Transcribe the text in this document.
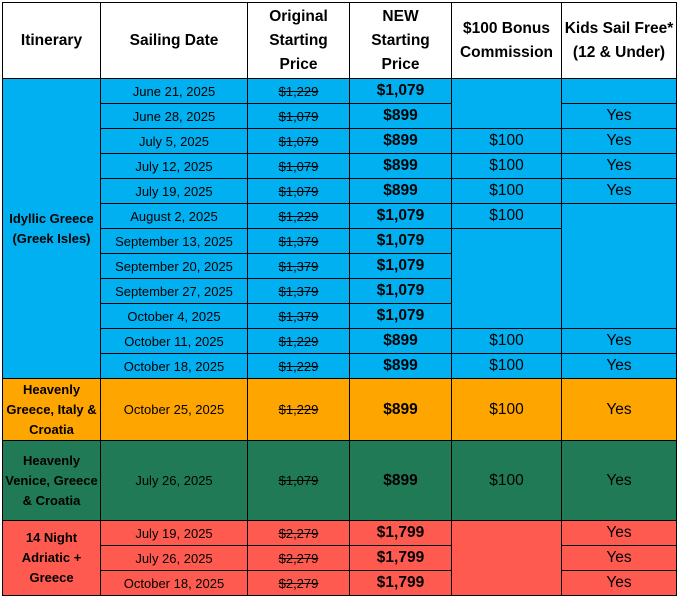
Itinerary	Sailing Date	Original Starting Price	NEW Starting Price	$100 Bonus Commission	Kids Sail Free* (12 & Under)
Idyllic Greece (Greek Isles)	June 21, 2025	$1,229	$1,079		
	June 28, 2025	$1,079	$899		Yes
	July 5, 2025	$1,079	$899	$100	Yes
	July 12, 2025	$1,079	$899	$100	Yes
	July 19, 2025	$1,079	$899	$100	Yes
	August 2, 2025	$1,229	$1,079	$100	
	September 13, 2025	$1,379	$1,079		
	September 20, 2025	$1,379	$1,079		
	September 27, 2025	$1,379	$1,079		
	October 4, 2025	$1,379	$1,079		
	October 11, 2025	$1,229	$899	$100	Yes
	October 18, 2025	$1,229	$899	$100	Yes
Heavenly Greece, Italy & Croatia	October 25, 2025	$1,229	$899	$100	Yes
Heavenly Venice, Greece & Croatia	July 26, 2025	$1,079	$899	$100	Yes
14 Night Adriatic + Greece	July 19, 2025	$2,279	$1,799		Yes
	July 26, 2025	$2,279	$1,799		Yes
	October 18, 2025	$2,279	$1,799		Yes
